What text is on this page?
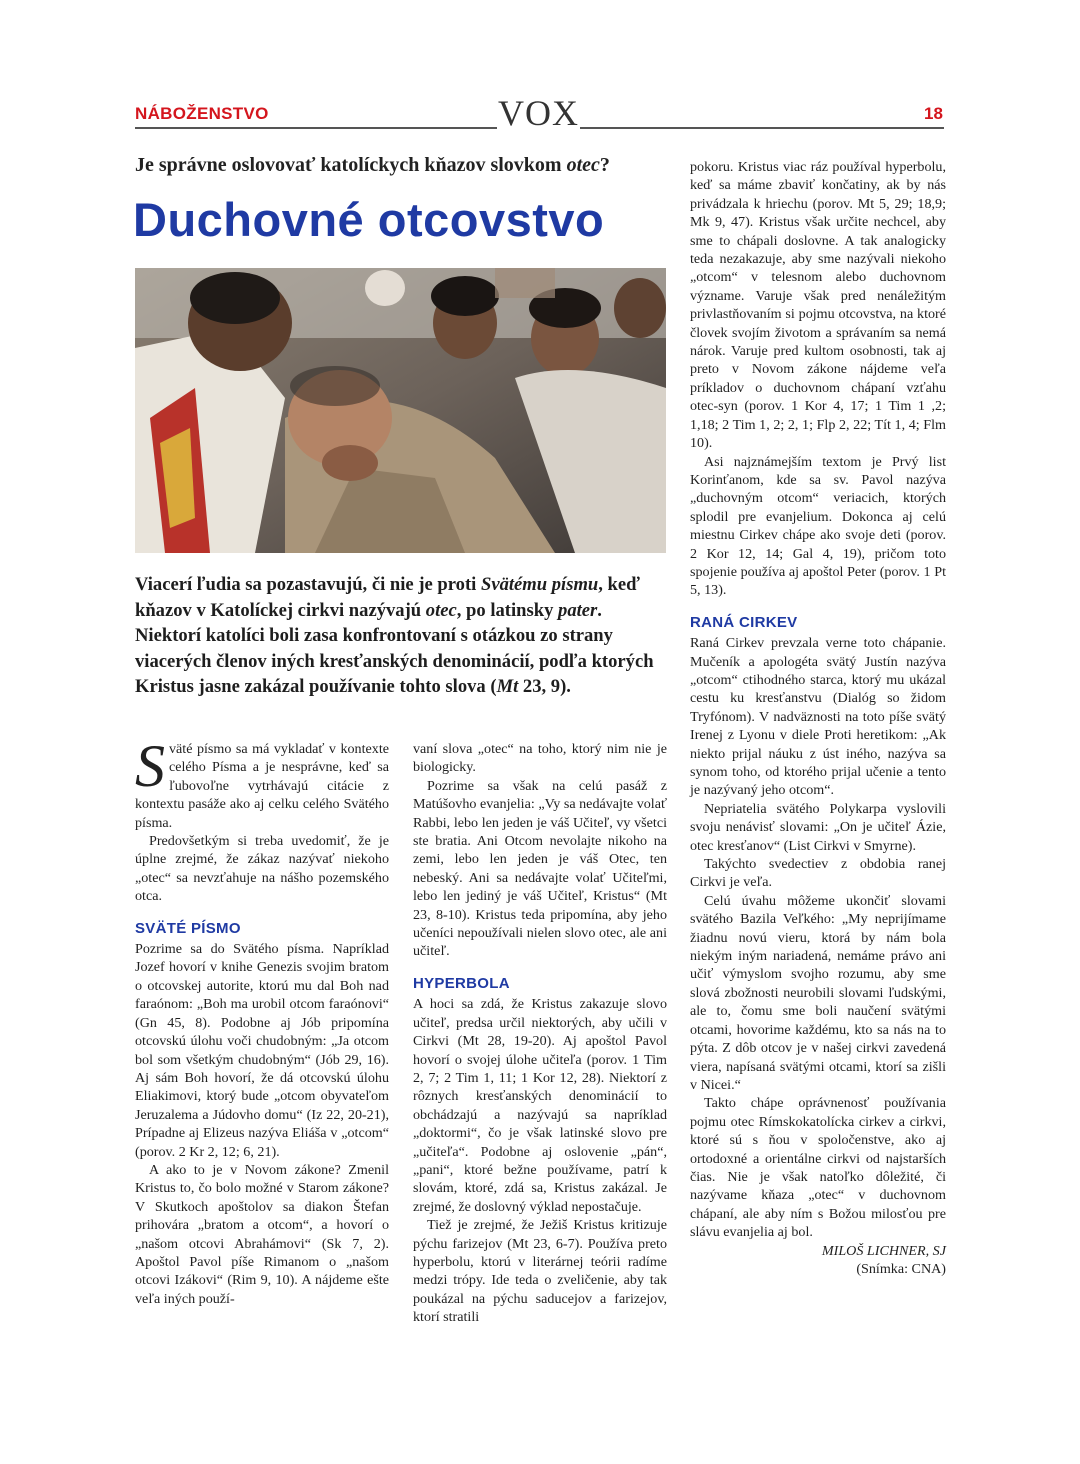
NÁBOŽENSTVO	VOX	18
Je správne oslovovať katolíckych kňazov slovkom otec?
Duchovné otcovstvo
Viacerí ľudia sa pozastavujú, či nie je proti Svätému písmu, keď kňazov v Katolíckej cirkvi nazývajú otec, po latinsky pater. Niektorí katolíci boli zasa konfrontovaní s otázkou zo strany viacerých členov iných kresťanských denominácií, podľa ktorých Kristus jasne zakázal používanie tohto slova (Mt 23, 9).

Sväté písmo sa má vykladať v kontexte celého Písma a je nesprávne, keď sa ľubovoľne vytrhávajú citácie z kontextu pasáže ako aj celku celého Svätého písma.

Predovšetkým si treba uvedomiť, že je úplne zrejmé, že zákaz nazývať niekoho „otec“ sa nevzťahuje na nášho pozemského otca.

SVÄTÉ PÍSMO

Pozrime sa do Svätého písma. Napríklad Jozef hovorí v knihe Genezis svojim bratom o otcovskej autorite, ktorú mu dal Boh nad faraónom: „Boh ma urobil otcom faraónovi“ (Gn 45, 8). Podobne aj Jób pripomína otcovskú úlohu voči chudobným: „Ja otcom bol som všetkým chudobným“ (Jób 29, 16). Aj sám Boh hovorí, že dá otcovskú úlohu Eliakimovi, ktorý bude „otcom obyvateľom Jeruzalema a Júdovho domu“ (Iz 22, 20-21), Prípadne aj Elizeus nazýva Eliáša v „otcom“ (porov. 2 Kr 2, 12; 6, 21).

A ako to je v Novom zákone? Zmenil Kristus to, čo bolo možné v Starom zákone? V Skutkoch apoštolov sa diakon Štefan prihovára „bratom a otcom“, a hovorí o „našom otcovi Abrahámovi“ (Sk 7, 2). Apoštol Pavol píše Rimanom o „našom otcovi Izákovi“ (Rim 9, 10). A nájdeme ešte veľa iných použí-

vaní slova „otec“ na toho, ktorý nim nie je biologicky.

Pozrime sa však na celú pasáž z Matúšovho evanjelia: „Vy sa nedávajte volať Rabbi, lebo len jeden je váš Učiteľ, vy všetci ste bratia. Ani Otcom nevolajte nikoho na zemi, lebo len jeden je váš Otec, ten nebeský. Ani sa nedávajte volať Učiteľmi, lebo len jediný je váš Učiteľ, Kristus“ (Mt 23, 8-10). Kristus teda pripomína, aby jeho učeníci nepoužívali nielen slovo otec, ale ani učiteľ.

HYPERBOLA

A hoci sa zdá, že Kristus zakazuje slovo učiteľ, predsa určil niektorých, aby učili v Cirkvi (Mt 28, 19-20). Aj apoštol Pavol hovorí o svojej úlohe učiteľa (porov. 1 Tim 2, 7; 2 Tim 1, 11; 1 Kor 12, 28). Niektorí z rôznych kresťanských denominácií to obchádzajú a nazývajú sa napríklad „doktormi“, čo je však latinské slovo pre „učiteľa“. Podobne aj oslovenie „pán“, „pani“, ktoré bežne používame, patrí k slovám, ktoré, zdá sa, Kristus zakázal. Je zrejmé, že doslovný výklad nepostačuje.

Tiež je zrejmé, že Ježiš Kristus kritizuje pýchu farizejov (Mt 23, 6-7). Používa preto hyperbolu, ktorú v literárnej teórii radíme medzi trópy. Ide teda o zveličenie, aby tak poukázal na pýchu saducejov a farizejov, ktorí stratili

pokoru. Kristus viac ráz používal hyperbolu, keď sa máme zbaviť končatiny, ak by nás privádzala k hriechu (porov. Mt 5, 29; 18,9; Mk 9, 47). Kristus však určite nechcel, aby sme to chápali doslovne. A tak analogicky teda nezakazuje, aby sme nazývali niekoho „otcom“ v telesnom alebo duchovnom význame. Varuje však pred nenáležitým privlastňovaním si pojmu otcovstva, na ktoré človek svojím životom a správaním sa nemá nárok. Varuje pred kultom osobnosti, tak aj preto v Novom zákone nájdeme veľa príkladov o duchovnom chápaní vzťahu otec-syn (porov. 1 Kor 4, 17; 1 Tim 1 ,2; 1,18; 2 Tim 1, 2; 2, 1; Flp 2, 22; Tít 1, 4; Flm 10).

Asi najznámejším textom je Prvý list Korinťanom, kde sa sv. Pavol nazýva „duchovným otcom“ veriacich, ktorých splodil pre evanjelium. Dokonca aj celú miestnu Cirkev chápe ako svoje deti (porov. 2 Kor 12, 14; Gal 4, 19), pričom toto spojenie používa aj apoštol Peter (porov. 1 Pt 5, 13).

RANÁ CIRKEV

Raná Cirkev prevzala verne toto chápanie. Mučeník a apologéta svätý Justín nazýva „otcom“ ctihodného starca, ktorý mu ukázal cestu ku kresťanstvu (Dialóg so židom Tryfónom). V nadväznosti na toto píše svätý Irenej z Lyonu v diele Proti heretikom: „Ak niekto prijal náuku z úst iného, nazýva sa synom toho, od ktorého prijal učenie a tento je nazývaný jeho otcom“.

Nepriatelia svätého Polykarpa vyslovili svoju nenávisť slovami: „On je učiteľ Ázie, otec kresťanov“ (List Cirkvi v Smyrne).

Takýchto svedectiev z obdobia ranej Cirkvi je veľa.

Celú úvahu môžeme ukončiť slovami svätého Bazila Veľkého: „My neprijímame žiadnu novú vieru, ktorá by nám bola niekým iným nariadená, nemáme právo ani učiť výmyslom svojho rozumu, aby sme slová zbožnosti neurobili slovami ľudskými, ale to, čomu sme boli naučení svätými otcami, hovorime každému, kto sa nás na to pýta. Z dôb otcov je v našej cirkvi zavedená viera, napísaná svätými otcami, ktorí sa zišli v Nicei.“

Takto chápe oprávnenosť používania pojmu otec Rímskokatolícka cirkev a cirkvi, ktoré sú s ňou v spoločenstve, ako aj ortodoxné a orientálne cirkvi od najstarších čias. Nie je však natoľko dôležité, či nazývame kňaza „otec“ v duchovnom chápaní, ale aby ním s Božou milosťou pre slávu evanjelia aj bol.

MILOŠ LICHNER, SJ

(Snímka: CNA)
